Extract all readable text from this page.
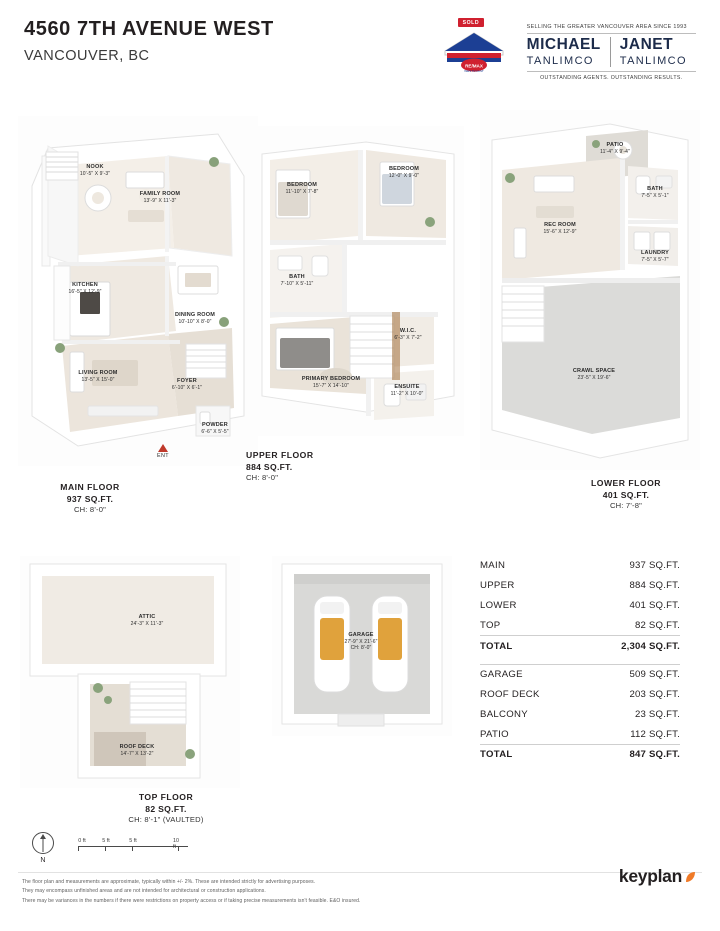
4560 7TH AVENUE WEST
VANCOUVER, BC
SOLD
RE/MAX
WESTCOAST
SELLING THE GREATER VANCOUVER AREA SINCE 1993
MICHAEL
TANLIMCO
JANET
TANLIMCO
OUTSTANDING AGENTS. OUTSTANDING RESULTS.
NOOK
10'-5" X 9'-3"
FAMILY ROOM
13'-9" X 11'-3"
KITCHEN
16'-5" X 12'-9"
DINING ROOM
10'-10" X 8'-0"
LIVING ROOM
13'-5" X 15'-0"	FOYER
6'-10" X 6'-1"
POWDER
6'-6" X 5'-5"
ENT
MAIN FLOOR
937 SQ.FT.
CH: 8'-0"
BEDROOM
11'-10" X 7'-8"
BEDROOM
12'-0" X 9'-0"
BATH
7'-10" X 5'-11"
W.I.C.
6'-3" X 7'-2"
PRIMARY BEDROOM
15'-7" X 14'-10"	ENSUITE
11'-2" X 10'-0"
UPPER FLOOR
884 SQ.FT.
CH: 8'-0"
PATIO
11'-4" X 9'-4"
BATH
7'-5" X 5'-1"
REC ROOM
15'-6" X 12'-9"
LAUNDRY
7'-5" X 5'-7"
CRAWL SPACE
23'-5" X 19'-6"
LOWER FLOOR
401 SQ.FT.
CH: 7'-8"
ATTIC
24'-3" X 11'-3"
ROOF DECK
14'-7" X 13'-2"
TOP FLOOR
82 SQ.FT.
CH: 8'-1" (VAULTED)
GARAGE
27'-9" X 21'-6"
CH: 8'-0"
MAIN	937 SQ.FT.
UPPER	884 SQ.FT.
LOWER	401 SQ.FT.
TOP	82 SQ.FT.
TOTAL	2,304 SQ.FT.
GARAGE	509 SQ.FT.
ROOF DECK	203 SQ.FT.
BALCONY	23 SQ.FT.
PATIO	112 SQ.FT.
TOTAL	847 SQ.FT.
N
0 ft	5 ft	5 ft	10 ft
The floor plan and measurements are approximate, typically within +/- 2%. These are intended strictly for advertising purposes.
They may encompass unfinished areas and are not intended for architectural or construction applications.
There may be variances in the numbers if there were restrictions on property access or if taking precise measurements isn't feasible. E&O insured.
keyplan
